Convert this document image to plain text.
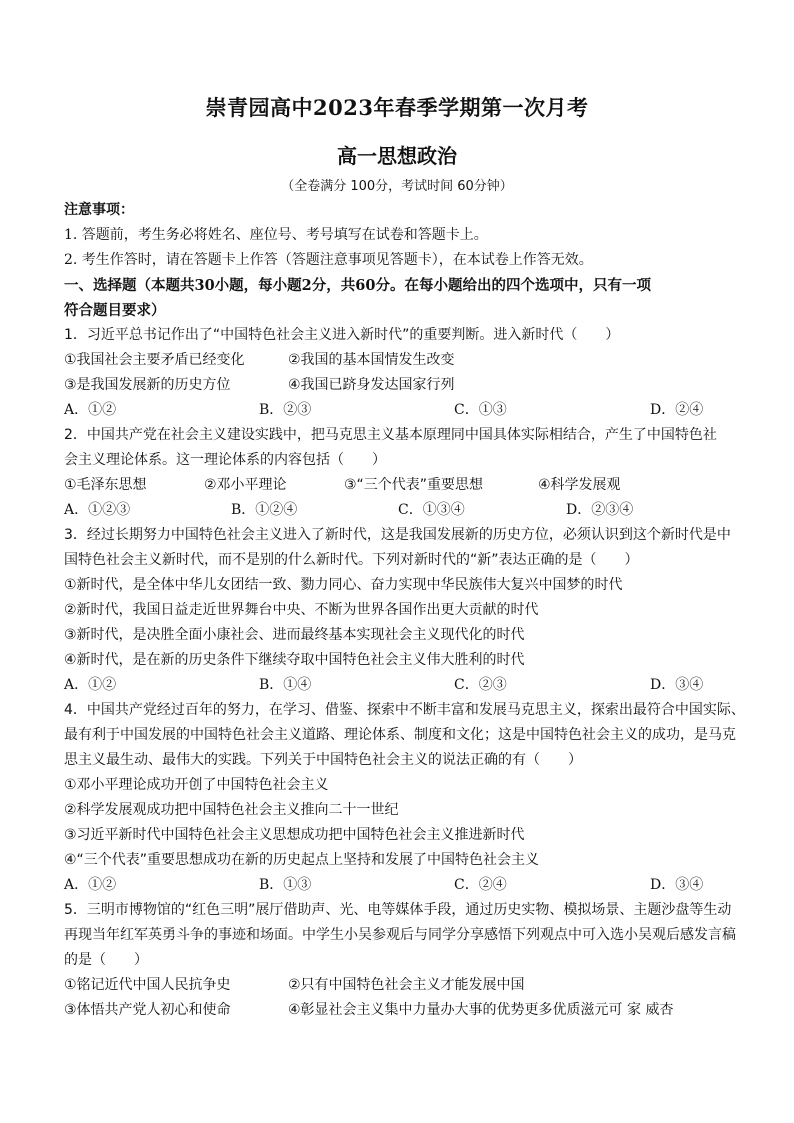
崇青园高中2023年春季学期第一次月考
高一思想政治
（全卷满分 100分，考试时间 60分钟）
注意事项：
1. 答题前，考生务必将姓名、座位号、考号填写在试卷和答题卡上。
2. 考生作答时，请在答题卡上作答（答题注意事项见答题卡），在本试卷上作答无效。
一、选择题（本题共30小题，每小题2分，共60分。在每小题给出的四个选项中，只有一项
符合题目要求）
1．习近平总书记作出了“中国特色社会主义进入新时代”的重要判断。进入新时代（　　）
①我国社会主要矛盾已经变化	②我国的基本国情发生改变
③是我国发展新的历史方位	④我国已跻身发达国家行列
A．①②	B．②③	C．①③	D．②④
2．中国共产党在社会主义建设实践中，把马克思主义基本原理同中国具体实际相结合，产生了中国特色社
会主义理论体系。这一理论体系的内容包括（　　）
①毛泽东思想	②邓小平理论	③“三个代表”重要思想	④科学发展观
A．①②③	B．①②④	C．①③④	D．②③④
3．经过长期努力中国特色社会主义进入了新时代，这是我国发展新的历史方位，必须认识到这个新时代是中
国特色社会主义新时代，而不是别的什么新时代。下列对新时代的“新”表达正确的是（　　）
①新时代，是全体中华儿女团结一致、勠力同心、奋力实现中华民族伟大复兴中国梦的时代
②新时代，我国日益走近世界舞台中央、不断为世界各国作出更大贡献的时代
③新时代，是决胜全面小康社会、进而最终基本实现社会主义现代化的时代
④新时代，是在新的历史条件下继续夺取中国特色社会主义伟大胜利的时代
A．①②	B．①④	C．②③	D．③④
4．中国共产党经过百年的努力，在学习、借鉴、探索中不断丰富和发展马克思主义，探索出最符合中国实际、
最有利于中国发展的中国特色社会主义道路、理论体系、制度和文化；这是中国特色社会主义的成功，是马克
思主义最生动、最伟大的实践。下列关于中国特色社会主义的说法正确的有（　　）
①邓小平理论成功开创了中国特色社会主义
②科学发展观成功把中国特色社会主义推向二十一世纪
③习近平新时代中国特色社会主义思想成功把中国特色社会主义推进新时代
④“三个代表”重要思想成功在新的历史起点上坚持和发展了中国特色社会主义
A．①②	B．①③	C．②④	D．③④
5．三明市博物馆的“红色三明”展厅借助声、光、电等媒体手段，通过历史实物、模拟场景、主题沙盘等生动
再现当年红军英勇斗争的事迹和场面。中学生小吴参观后与同学分享感悟下列观点中可入选小吴观后感发言稿
的是（　　）
①铭记近代中国人民抗争史	②只有中国特色社会主义才能发展中国
③体悟共产党人初心和使命	④彰显社会主义集中力量办大事的优势更多优质滋元可 家 威杏
